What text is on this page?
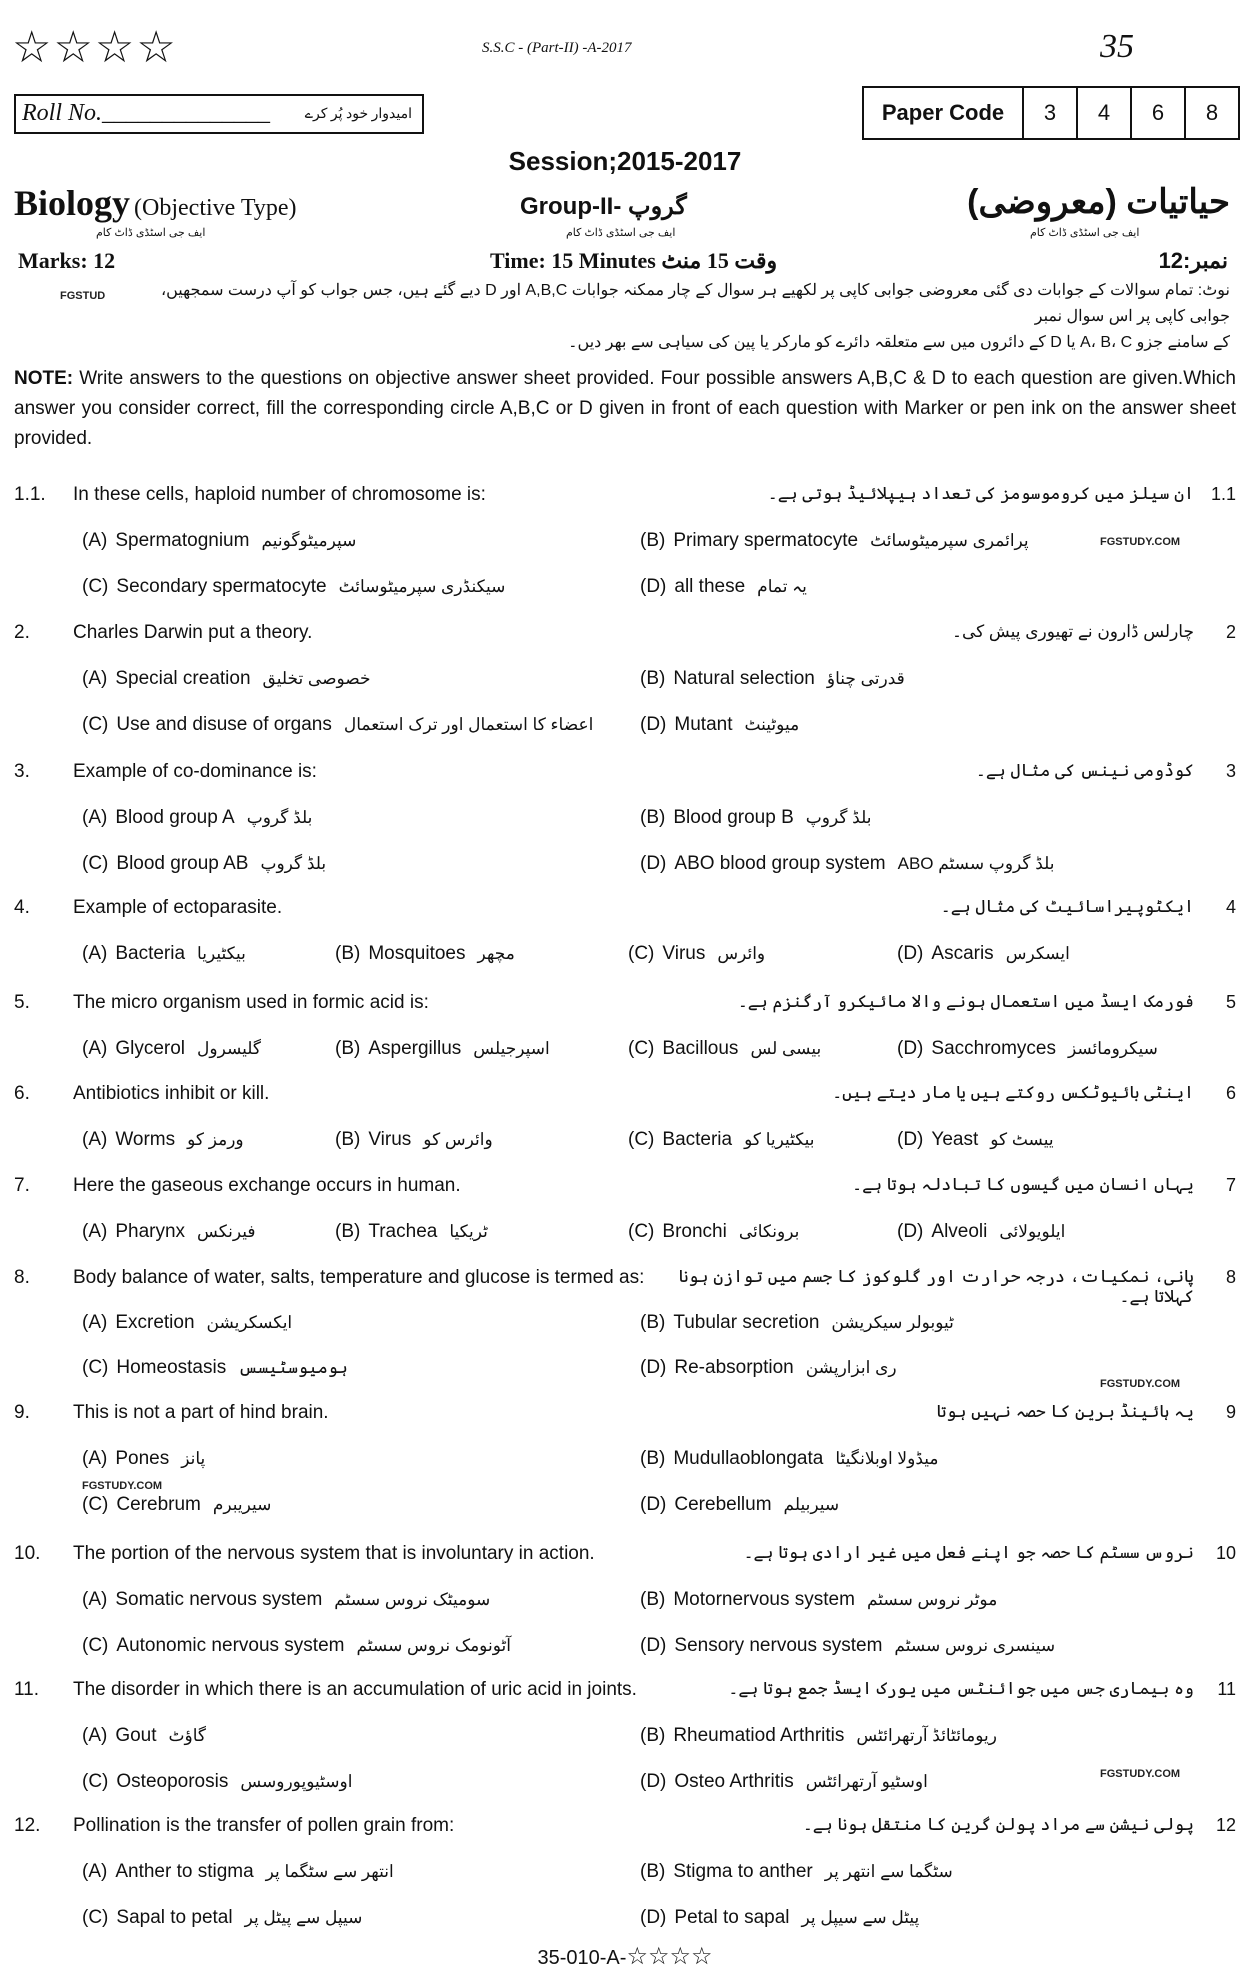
☆☆☆☆	S.S.C - (Part-II) -A-2017	35
Roll No.______________ امیدوار خود پُر کرے	Paper Code	3	4	6	8
Session;2015-2017
Biology (Objective Type)
ایف جی اسٹڈی ڈاٹ کام
Group-II- گروپ
ایف جی اسٹڈی ڈاٹ کام
حیاتیات (معروضی)
ایف جی اسٹڈی ڈاٹ کام
Marks: 12	Time: 15 Minutes وقت 15 منٹ	نمبر:12
نوٹ: تمام سوالات کے جوابات دی گئی معروضی جوابی کاپی پر لکھیے ہر سوال کے چار ممکنہ جوابات A,B,C اور D دیے گئے ہیں، جس جواب کو آپ درست سمجھیں، جوابی کاپی پر اس سوال نمبر
کے سامنے جزو A، B، C یا D کے دائروں میں سے متعلقہ دائرے کو مارکر یا پین کی سیاہی سے بھر دیں۔
FGSTUD
NOTE: Write answers to the questions on objective answer sheet provided. Four possible answers A,B,C & D to each question are given.Which answer you consider correct, fill the corresponding circle A,B,C or D given in front of each question with Marker or pen ink on the answer sheet provided.
1.1.	In these cells, haploid number of chromosome is:	ان سیلز میں کروموسومز کی تعداد ہیپلائیڈ ہوتی ہے۔ 1.1
(A) Spermatognium سپرمیٹوگونیم	(B) Primary spermatocyte پرائمری سپرمیٹوسائٹ
(C) Secondary spermatocyte سیکنڈری سپرمیٹوسائٹ	(D) all these یہ تمام
2.	Charles Darwin put a theory.	چارلس ڈارون نے تھیوری پیش کی۔	2
(A) Special creation خصوصی تخلیق	(B) Natural selection قدرتی چناؤ
(C) Use and disuse of organs اعضاء کا استعمال اور ترک استعمال (D) Mutant میوٹینٹ
3.	Example of co-dominance is:	کوڈومی نینس کی مثال ہے۔	3
(A) Blood group A بلڈ گروپ	(B) Blood group B بلڈ گروپ
(C) Blood group AB بلڈ گروپ	(D) ABO blood group system ABO بلڈ گروپ سسٹم
4.	Example of ectoparasite.	ایکٹوپیراسائیٹ کی مثال ہے۔	4
(A) Bacteria بیکٹیریا	(B) Mosquitoes مچھر	(C) Virus وائرس	(D) Ascaris ایسکرس
5.	The micro organism used in formic acid is:	فورمک ایسڈ میں استعمال ہونے والا مائیکرو آرگنزم ہے۔	5
(A) Glycerol گلیسرول	(B) Aspergillus اسپرجیلس	(C) Bacillous بیسی لس	(D) Sacchromyces سیکرومائسز
6.	Antibiotics inhibit or kill.	اینٹی بائیوٹکس روکتے ہیں یا مار دیتے ہیں۔	6
(A) Worms ورمز کو	(B) Virus وائرس کو	(C) Bacteria بیکٹیریا کو	(D) Yeast ییسٹ کو
7.	Here the gaseous exchange occurs in human.	یہاں انسان میں گیسوں کا تبادلہ ہوتا ہے۔	7
(A) Pharynx فیرنکس	(B) Trachea ٹریکیا	(C) Bronchi برونکائی	(D) Alveoli ایلویولائی
8.	Body balance of water, salts, temperature and glucose is termed as:	پانی، نمکیات، درجہ حرارت اور گلوکوز کا جسم میں توازن ہونا کہلاتا ہے۔
8
(A) Excretion ایکسکریشن	(B) Tubular secretion ٹیوبولر سیکریشن
(C) Homeostasis ہومیوسٹیسس	(D) Re-absorption ری ابزارپشن
9.	This is not a part of hind brain.	یہ ہائینڈ برین کا حصہ نہیں ہوتا	9
(A) Pones پانز	(B) Mudullaoblongata میڈولا اوبلانگیٹا
(C) Cerebrum سیریبرم	(D) Cerebellum سیربیلم
10.	The portion of the nervous system that is involuntary in action.	نروس سسٹم کا حصہ جو اپنے فعل میں غیر ارادی ہوتا ہے۔	10
(A) Somatic nervous system سومیٹک نروس سسٹم	(B) Motornervous system موٹر نروس سسٹم
(C) Autonomic nervous system آٹونومک نروس سسٹم	(D) Sensory nervous system سینسری نروس سسٹم
11.	The disorder in which there is an accumulation of uric acid in joints.	وہ بیماری جس میں جوائنٹس میں یورک ایسڈ جمع ہوتا ہے۔	11
(A) Gout گاؤٹ	(B) Rheumatiod Arthritis ریومائٹائڈ آرتھرائٹس
(C) Osteoporosis اوسٹیوپوروسس	(D) Osteo Arthritis اوسٹیو آرتھرائٹس
12.	Pollination is the transfer of pollen grain from:	پولی نیشن سے مراد پولن گرین کا منتقل ہونا ہے۔	12
(A) Anther to stigma انتھر سے سٹگما پر	(B) Stigma to anther سٹگما سے انتھر پر
(C) Sapal to petal سیپل سے پیٹل پر	(D) Petal to sapal پیٹل سے سیپل پر
FGSTUDY.COM
FGSTUDY.COM
FGSTUDY.COM
FGSTUDY.COM
35-010-A-☆☆☆☆
